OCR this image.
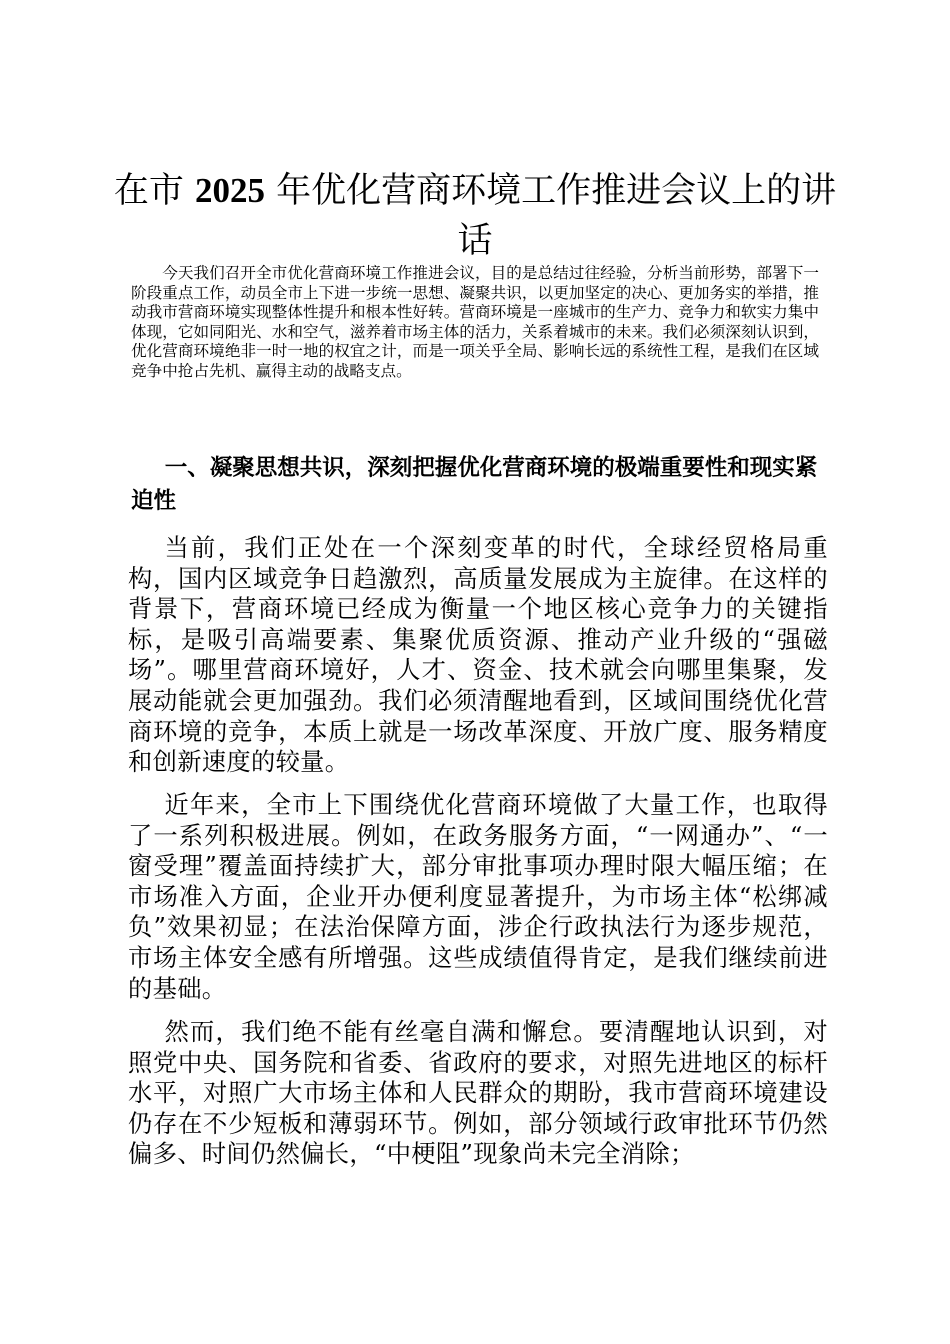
在市 2025 年优化营商环境工作推进会议上的讲话

今天我们召开全市优化营商环境工作推进会议，目的是总结过往经验，分析当前形势，部署下一阶段重点工作，动员全市上下进一步统一思想、凝聚共识，以更加坚定的决心、更加务实的举措，推动我市营商环境实现整体性提升和根本性好转。营商环境是一座城市的生产力、竞争力和软实力集中体现，它如同阳光、水和空气，滋养着市场主体的活力，关系着城市的未来。我们必须深刻认识到，优化营商环境绝非一时一地的权宜之计，而是一项关乎全局、影响长远的系统性工程，是我们在区域竞争中抢占先机、赢得主动的战略支点。

一、凝聚思想共识，深刻把握优化营商环境的极端重要性和现实紧迫性

当前，我们正处在一个深刻变革的时代，全球经贸格局重构，国内区域竞争日趋激烈，高质量发展成为主旋律。在这样的背景下，营商环境已经成为衡量一个地区核心竞争力的关键指标，是吸引高端要素、集聚优质资源、推动产业升级的“强磁场”。哪里营商环境好，人才、资金、技术就会向哪里集聚，发展动能就会更加强劲。我们必须清醒地看到，区域间围绕优化营商环境的竞争，本质上就是一场改革深度、开放广度、服务精度和创新速度的较量。

近年来，全市上下围绕优化营商环境做了大量工作，也取得了一系列积极进展。例如，在政务服务方面，“一网通办”、“一窗受理”覆盖面持续扩大，部分审批事项办理时限大幅压缩；在市场准入方面，企业开办便利度显著提升，为市场主体“松绑减负”效果初显；在法治保障方面，涉企行政执法行为逐步规范，市场主体安全感有所增强。这些成绩值得肯定，是我们继续前进的基础。

然而，我们绝不能有丝毫自满和懈怠。要清醒地认识到，对照党中央、国务院和省委、省政府的要求，对照先进地区的标杆水平，对照广大市场主体和人民群众的期盼，我市营商环境建设仍存在不少短板和薄弱环节。例如，部分领域行政审批环节仍然偏多、时间仍然偏长，“中梗阻”现象尚未完全消除；
